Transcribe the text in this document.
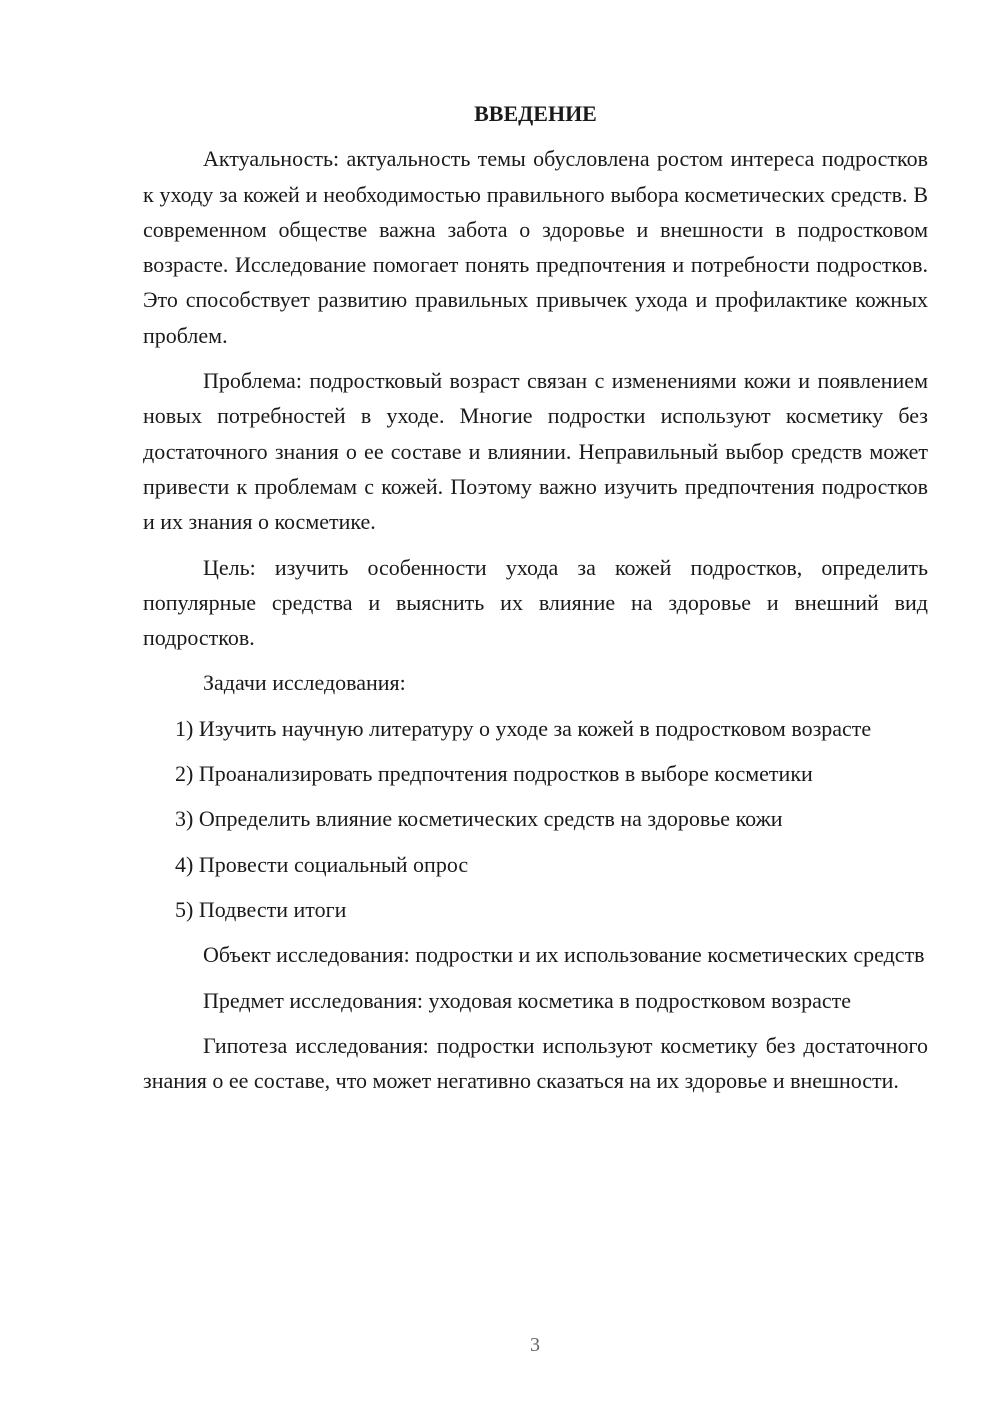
ВВЕДЕНИЕ

Актуальность: актуальность темы обусловлена ростом интереса подростков к уходу за кожей и необходимостью правильного выбора косметических средств. В современном обществе важна забота о здоровье и внешности в подростковом возрасте. Исследование помогает понять предпочтения и потребности подростков. Это способствует развитию правильных привычек ухода и профилактике кожных проблем.

Проблема: подростковый возраст связан с изменениями кожи и появлением новых потребностей в уходе. Многие подростки используют косметику без достаточного знания о ее составе и влиянии. Неправильный выбор средств может привести к проблемам с кожей. Поэтому важно изучить предпочтения подростков и их знания о косметике.

Цель: изучить особенности ухода за кожей подростков, определить популярные средства и выяснить их влияние на здоровье и внешний вид подростков.

Задачи исследования:

1) Изучить научную литературу о уходе за кожей в подростковом возрасте

2) Проанализировать предпочтения подростков в выборе косметики

3) Определить влияние косметических средств на здоровье кожи

4) Провести социальный опрос

5) Подвести итоги

Объект исследования: подростки и их использование косметических средств

Предмет исследования: уходовая косметика в подростковом возрасте

Гипотеза исследования: подростки используют косметику без достаточного знания о ее составе, что может негативно сказаться на их здоровье и внешности.

3
